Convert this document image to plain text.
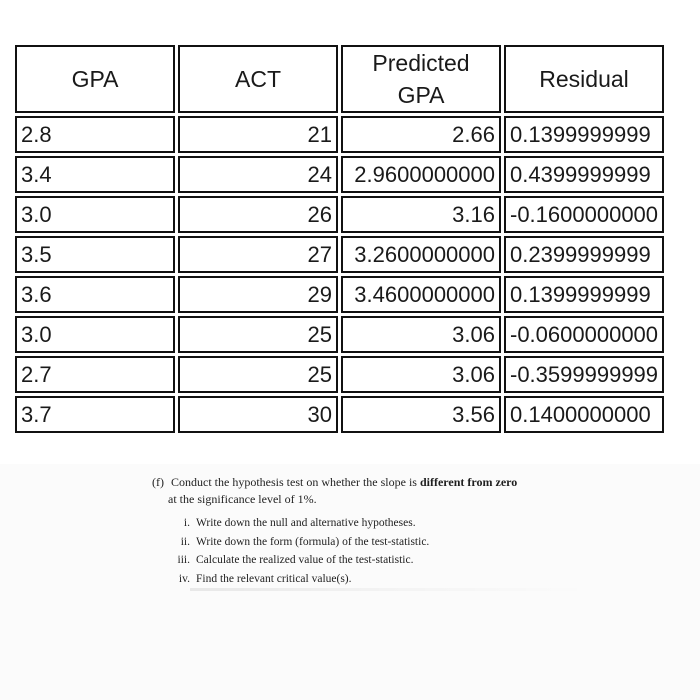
GPA	ACT	Predicted GPA	Residual
2.8	21	2.66	0.1399999999
3.4	24	2.9600000000	0.4399999999
3.0	26	3.16	-0.1600000000
3.5	27	3.2600000000	0.2399999999
3.6	29	3.4600000000	0.1399999999
3.0	25	3.06	-0.0600000000
2.7	25	3.06	-0.3599999999
3.7	30	3.56	0.1400000000
(f) Conduct the hypothesis test on whether the slope is different from zero
at the significance level of 1%.
i. Write down the null and alternative hypotheses.
ii. Write down the form (formula) of the test-statistic.
iii. Calculate the realized value of the test-statistic.
iv. Find the relevant critical value(s).
